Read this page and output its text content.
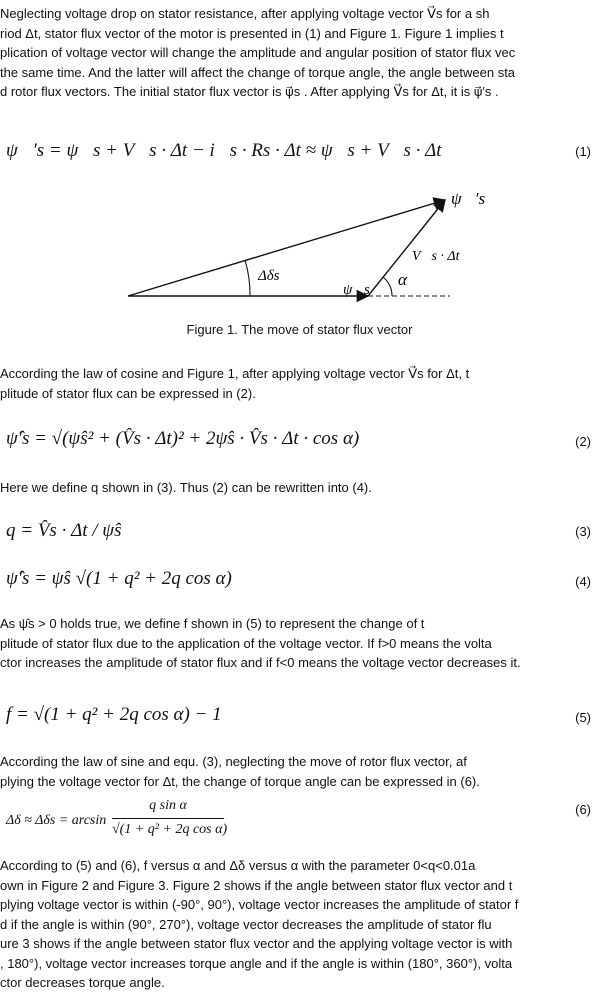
Neglecting voltage drop on stator resistance, after applying voltage vector V⃗s for a sh
riod Δt, stator flux vector of the motor is presented in (1) and Figure 1. Figure 1 implies t
plication of voltage vector will change the amplitude and angular position of stator flux vec
the same time. And the latter will affect the change of torque angle, the angle between sta
d rotor flux vectors. The initial stator flux vector is ψ⃗s . After applying V⃗s for Δt, it is ψ⃗′s .
ψ⃗′s = ψ⃗s + V⃗s · Δt − i⃗s · Rs · Δt ≈ ψ⃗s + V⃗s · Δt	(1)
ψ⃗′s
V⃗s · Δt
Δδs	α
ψ⃗s
Figure 1. The move of stator flux vector
According the law of cosine and Figure 1, after applying voltage vector V⃗s for Δt, t
plitude of stator flux can be expressed in (2).
ψ̂′s = √(ψ̂s² + (V̂s · Δt)² + 2ψ̂s · V̂s · Δt · cos α)	(2)
Here we define q shown in (3). Thus (2) can be rewritten into (4).
q = V̂s · Δt / ψ̂s	(3)
ψ̂′s = ψ̂s √(1 + q² + 2q cos α)	(4)
As ψ̂s > 0 holds true, we define f shown in (5) to represent the change of t
plitude of stator flux due to the application of the voltage vector. If f>0 means the volta
ctor increases the amplitude of stator flux and if f<0 means the voltage vector decreases it.
f = √(1 + q² + 2q cos α) − 1	(5)
According the law of sine and equ. (3), neglecting the move of rotor flux vector, af
plying the voltage vector for Δt, the change of torque angle can be expressed in (6).
Δδ ≈ Δδs = arcsin
q sin α
√(1 + q² + 2q cos α)
(6)
According to (5) and (6), f versus α and Δδ versus α with the parameter 0<q<0.01a
own in Figure 2 and Figure 3. Figure 2 shows if the angle between stator flux vector and t
plying voltage vector is within (-90°, 90°), voltage vector increases the amplitude of stator f
d if the angle is within (90°, 270°), voltage vector decreases the amplitude of stator flu
ure 3 shows if the angle between stator flux vector and the applying voltage vector is with
, 180°), voltage vector increases torque angle and if the angle is within (180°, 360°), volta
ctor decreases torque angle.
